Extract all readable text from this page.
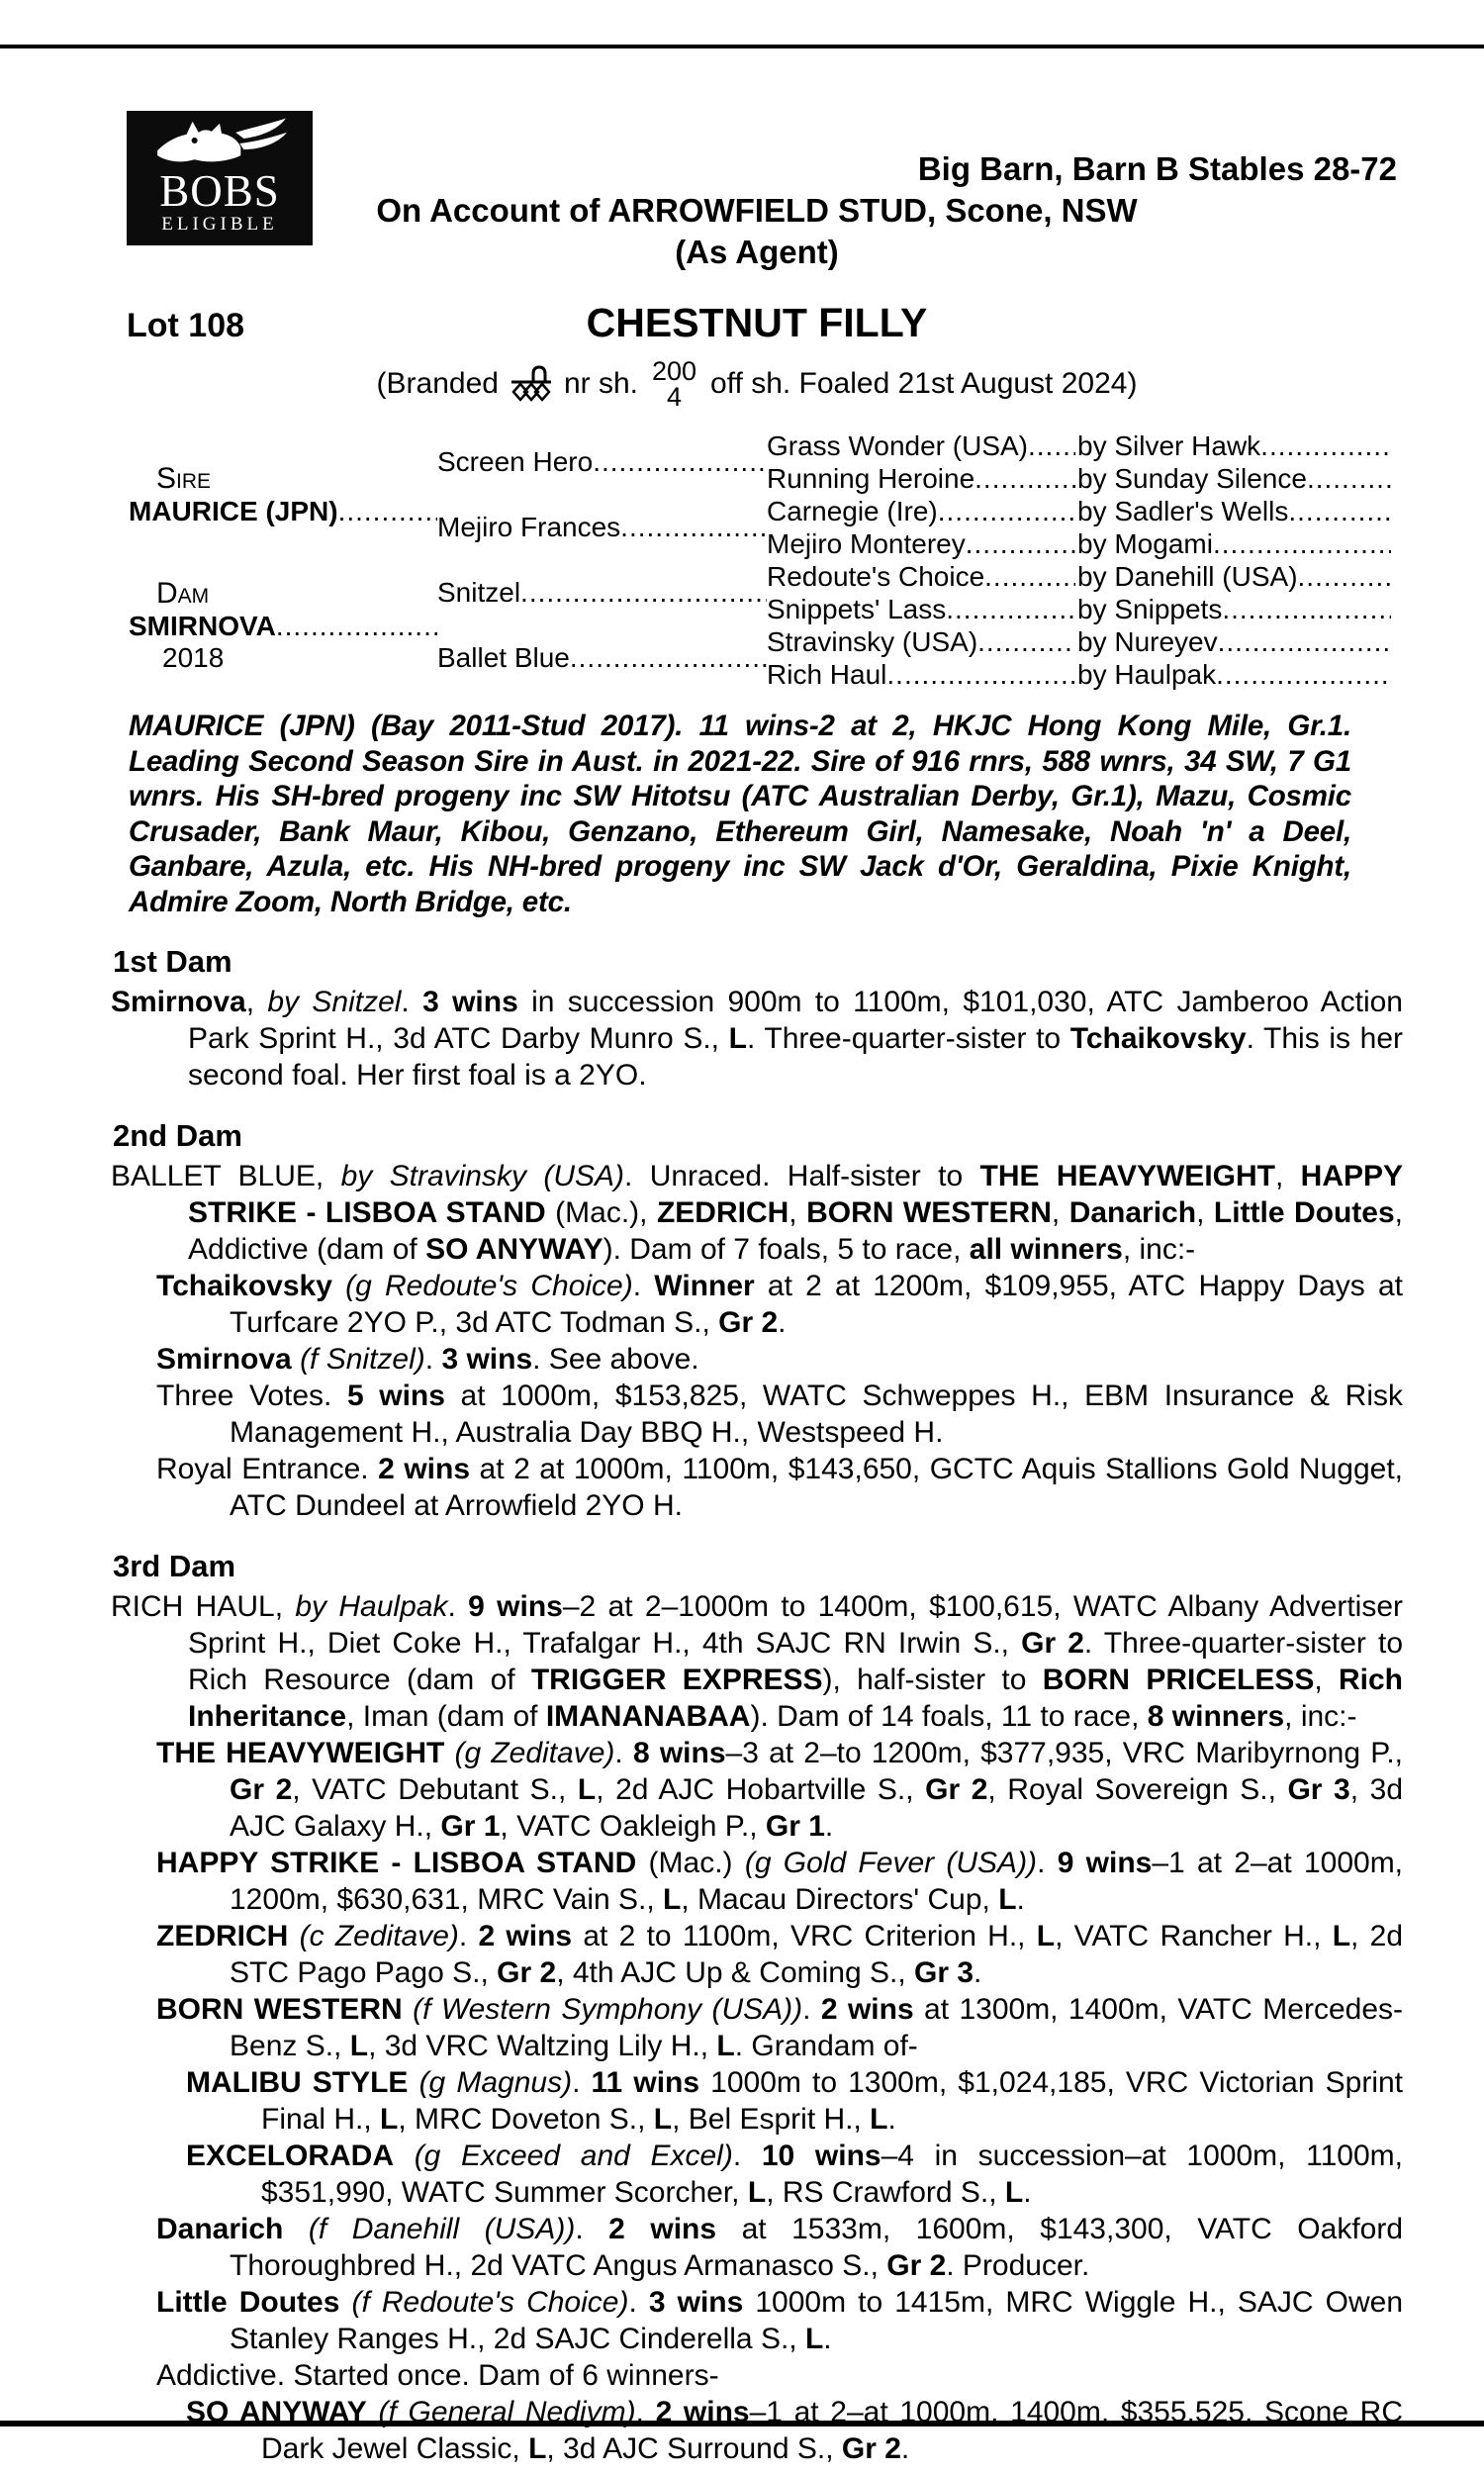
BOBS
ELIGIBLE
Big Barn, Barn B Stables 28-72
On Account of ARROWFIELD STUD, Scone, NSW
(As Agent)
Lot 108	CHESTNUT FILLY
(Branded nr sh. 200
4 off sh. Foaled 21st August 2024)
Sire
MAURICE (JPN)
.....
Dam
SMIRNOVA
.....
2018
Screen Hero
.....
Mejiro Frances
.....
Snitzel
.....
Ballet Blue
.....
Grass Wonder (USA)
.....
Running Heroine
.....
Carnegie (Ire)
.....
Mejiro Monterey
.....
Redoute's Choice
.....
Snippets' Lass
.....
Stravinsky (USA)
.....
Rich Haul
.....
by Silver Hawk
.....
by Sunday Silence
.....
by Sadler's Wells
.....
by Mogami
.....
by Danehill (USA)
.....
by Snippets
.....
by Nureyev
.....
by Haulpak
.....

MAURICE (JPN) (Bay 2011-Stud 2017). 11 wins-2 at 2, HKJC Hong Kong Mile, Gr.1. Leading Second Season Sire in Aust. in 2021-22. Sire of 916 rnrs, 588 wnrs, 34 SW, 7 G1 wnrs. His SH-bred progeny inc SW Hitotsu (ATC Australian Derby, Gr.1), Mazu, Cosmic Crusader, Bank Maur, Kibou, Genzano, Ethereum Girl, Namesake, Noah 'n' a Deel, Ganbare, Azula, etc. His NH-bred progeny inc SW Jack d'Or, Geraldina, Pixie Knight, Admire Zoom, North Bridge, etc.

1st Dam

Smirnova, by Snitzel. 3 wins in succession 900m to 1100m, $101,030, ATC Jamberoo Action Park Sprint H., 3d ATC Darby Munro S., L. Three-quarter-sister to Tchaikovsky. This is her second foal. Her first foal is a 2YO.

2nd Dam

BALLET BLUE, by Stravinsky (USA). Unraced. Half-sister to THE HEAVYWEIGHT, HAPPY STRIKE - LISBOA STAND (Mac.), ZEDRICH, BORN WESTERN, Danarich, Little Doutes, Addictive (dam of SO ANYWAY). Dam of 7 foals, 5 to race, all winners, inc:-

Tchaikovsky (g Redoute's Choice). Winner at 2 at 1200m, $109,955, ATC Happy Days at Turfcare 2YO P., 3d ATC Todman S., Gr 2.

Smirnova (f Snitzel). 3 wins. See above.

Three Votes. 5 wins at 1000m, $153,825, WATC Schweppes H., EBM Insurance & Risk Management H., Australia Day BBQ H., Westspeed H.

Royal Entrance. 2 wins at 2 at 1000m, 1100m, $143,650, GCTC Aquis Stallions Gold Nugget, ATC Dundeel at Arrowfield 2YO H.

3rd Dam

RICH HAUL, by Haulpak. 9 wins–2 at 2–1000m to 1400m, $100,615, WATC Albany Advertiser Sprint H., Diet Coke H., Trafalgar H., 4th SAJC RN Irwin S., Gr 2. Three-quarter-sister to Rich Resource (dam of TRIGGER EXPRESS), half-sister to BORN PRICELESS, Rich Inheritance, Iman (dam of IMANANABAA). Dam of 14 foals, 11 to race, 8 winners, inc:-

THE HEAVYWEIGHT (g Zeditave). 8 wins–3 at 2–to 1200m, $377,935, VRC Maribyrnong P., Gr 2, VATC Debutant S., L, 2d AJC Hobartville S., Gr 2, Royal Sovereign S., Gr 3, 3d AJC Galaxy H., Gr 1, VATC Oakleigh P., Gr 1.

HAPPY STRIKE - LISBOA STAND (Mac.) (g Gold Fever (USA)). 9 wins–1 at 2–at 1000m, 1200m, $630,631, MRC Vain S., L, Macau Directors' Cup, L.

ZEDRICH (c Zeditave). 2 wins at 2 to 1100m, VRC Criterion H., L, VATC Rancher H., L, 2d STC Pago Pago S., Gr 2, 4th AJC Up & Coming S., Gr 3.

BORN WESTERN (f Western Symphony (USA)). 2 wins at 1300m, 1400m, VATC Mercedes-Benz S., L, 3d VRC Waltzing Lily H., L. Grandam of-

MALIBU STYLE (g Magnus). 11 wins 1000m to 1300m, $1,024,185, VRC Victorian Sprint Final H., L, MRC Doveton S., L, Bel Esprit H., L.

EXCELORADA (g Exceed and Excel). 10 wins–4 in succession–at 1000m, 1100m, $351,990, WATC Summer Scorcher, L, RS Crawford S., L.

Danarich (f Danehill (USA)). 2 wins at 1533m, 1600m, $143,300, VATC Oakford Thoroughbred H., 2d VATC Angus Armanasco S., Gr 2. Producer.

Little Doutes (f Redoute's Choice). 3 wins 1000m to 1415m, MRC Wiggle H., SAJC Owen Stanley Ranges H., 2d SAJC Cinderella S., L.

Addictive. Started once. Dam of 6 winners-

SO ANYWAY (f General Nediym). 2 wins–1 at 2–at 1000m, 1400m, $355,525, Scone RC Dark Jewel Classic, L, 3d AJC Surround S., Gr 2.
